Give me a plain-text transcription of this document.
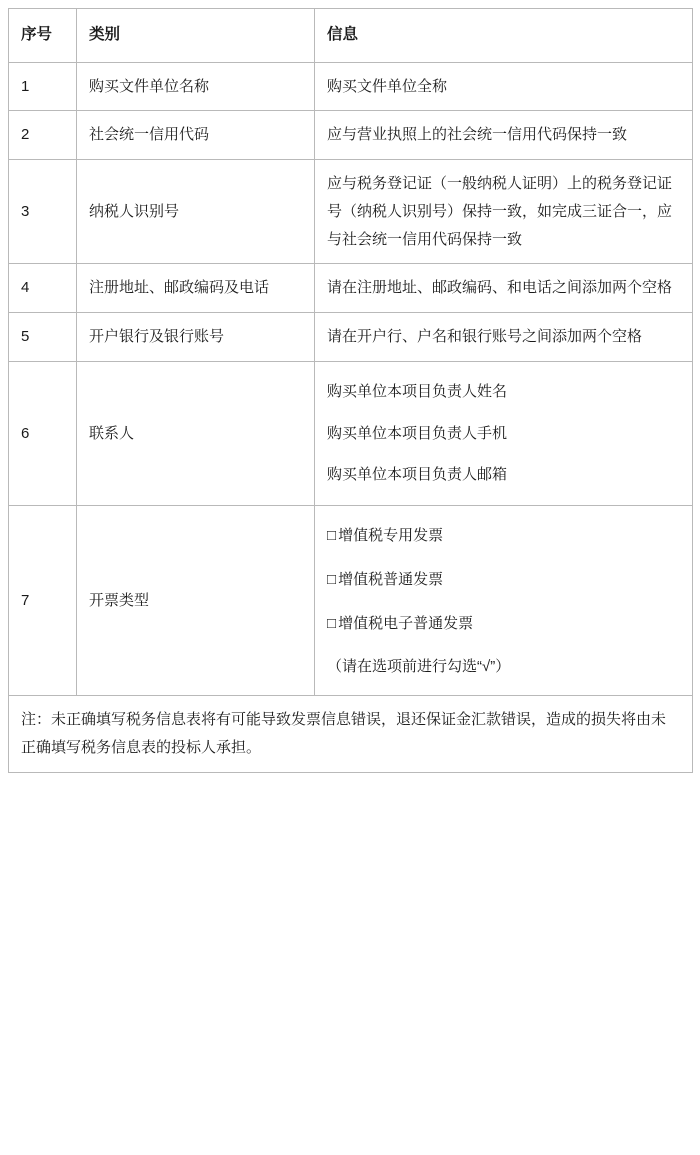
序号	类别	信息
1	购买文件单位名称	购买文件单位全称
2	社会统一信用代码	应与营业执照上的社会统一信用代码保持一致
3	纳税人识别号	应与税务登记证（一般纳税人证明）上的税务登记证号（纳税人识别号）保持一致，如完成三证合一，应与社会统一信用代码保持一致
4	注册地址、邮政编码及电话	请在注册地址、邮政编码、和电话之间添加两个空格
5	开户银行及银行账号	请在开户行、户名和银行账号之间添加两个空格
6	联系人	购买单位本项目负责人姓名
购买单位本项目负责人手机
购买单位本项目负责人邮箱

7	开票类型	□ 增值税专用发票
□ 增值税普通发票
□ 增值税电子普通发票
（请在选项前进行勾选“√”）

注：未正确填写税务信息表将有可能导致发票信息错误，退还保证金汇款错误，造成的损失将由未正确填写税务信息表的投标人承担。		
